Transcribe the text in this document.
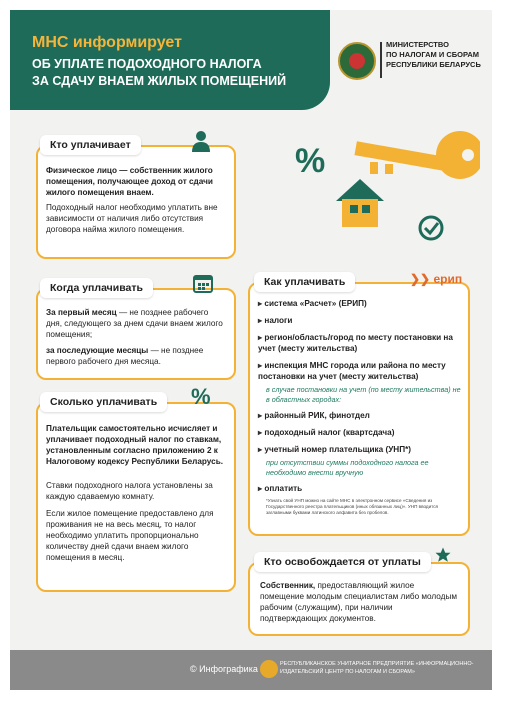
МНС информирует
ОБ УПЛАТЕ ПОДОХОДНОГО НАЛОГА
ЗА СДАЧУ ВНАЕМ ЖИЛЫХ ПОМЕЩЕНИЙ
МИНИСТЕРСТВО
ПО НАЛОГАМ И СБОРАМ
РЕСПУБЛИКИ БЕЛАРУСЬ
%
Кто уплачивает
Физическое лицо — собственник жилого помещения, получающее доход от сдачи жилого помещения внаем.
Подоходный налог необходимо уплатить вне зависимости от наличия либо отсутствия договора найма жилого помещения.
Когда уплачивать
За первый месяц — не позднее рабочего дня, следующего за днем сдачи внаем жилого помещения;
за последующие месяцы — не позднее первого рабочего дня месяца.
Сколько уплачивать	%
Плательщик самостоятельно исчисляет и уплачивает подоходный налог по ставкам, установленным согласно приложению 2 к Налоговому кодексу Республики Беларусь.
Ставки подоходного налога установлены за каждую сдаваемую комнату.
Если жилое помещение предоставлено для проживания не на весь месяц, то налог необходимо уплатить пропорционально количеству дней сдачи внаем жилого помещения в месяц.
Как уплачивать	❯❯ ерип
▸ система «Расчет» (ЕРИП)
▸ налоги
▸ регион/область/город по месту постановки на учет (месту жительства)
▸ инспекция МНС города или района по месту постановки на учет (месту жительства)
в случае постановки на учет (по месту жительства) не в областных городах:
▸ районный РИК, финотдел
▸ подоходный налог (квартсдача)
▸ учетный номер плательщика (УНП*)
при отсутствии суммы подоходного налога ее необходимо внести вручную
▸ оплатить
*Узнать свой УНП можно на сайте МНС в электронном сервисе «Сведения из Государственного реестра плательщиков (иных обязанных лиц)». УНП вводится заглавными буквами латинского алфавита без пробелов.
Кто освобождается от уплаты
Собственник, предоставляющий жилое помещение молодым специалистам либо молодым рабочим (служащим), при наличии подтверждающих документов.
© Инфографика	РЕСПУБЛИКАНСКОЕ УНИТАРНОЕ ПРЕДПРИЯТИЕ «ИНФОРМАЦИОННО-ИЗДАТЕЛЬСКИЙ ЦЕНТР ПО НАЛОГАМ И СБОРАМ»
